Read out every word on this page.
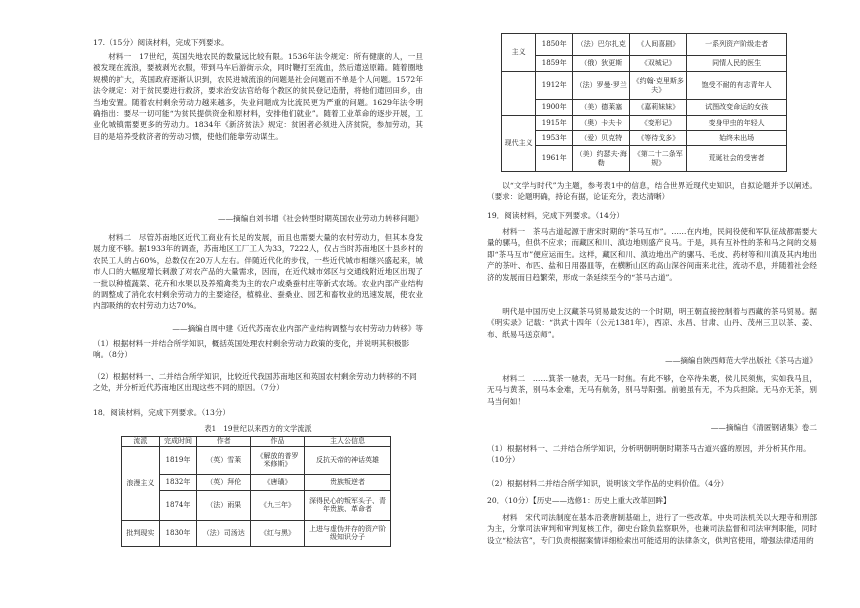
17.（15分）阅读材料，完成下列要求。

材料一　17世纪，英国失地农民的数量远比较有限。1536年法令规定：所有健康的人，一旦被发现在流浪，要被剥光衣服，带到马车后游街示众，同时鞭打至流血，然后遣送原籍。随着圈地规模的扩大，英国政府逐渐认识到，农民进城流浪的问题是社会问题而不单是个人问题。1572年法令规定：对于贫民要进行救济，要求治安法官给每个教区的贫民登记造册，将他们遣回田乡，由当地安置。随着农村剩余劳动力越来越多，失业问题成为比流民更为严重的问题。1629年法令明确指出：要尽一切可能“为贫民提供资金和原材料，安排他们就业”。随着工业革命的逐步开展，工业化城镇需要更多的劳动力。1834年《新济贫法》规定：贫困者必须进入济贫院，参加劳动，其目的是培养受救济者的劳动习惯，使他们能靠劳动谋生。

——摘编自刘书增《社会转型时期英国农业劳动力转移问题》

材料二　尽管苏南地区近代工商业有长足的发展，而且也需要大量的农村劳动力，但其本身发展力度不够。据1933年的调查，苏南地区工厂工人为33，7222人，仅占当时苏南地区十县乡村的农民工人的占60%，总数仅在20万人左右。伴随近代化的步伐，一些近代城市相继兴盛起来，城市人口的大幅度增长刺激了对农产品的大量需求，因而，在近代城市郊区与交通线附近地区出现了一批以种植蔬菜、花卉和水果以及养殖禽类为主的农户或桑蚕村庄等新式农场。农业内部产业结构的调整成了消化农村剩余劳动力的主要途径，植棉业、蚕桑业、园艺和畜牧业的迅速发展，使农业内部吸纳的农村劳动力达70%。

——摘编自周中建《近代苏南农业内部产业结构调整与农村劳动力转移》等

（1）根据材料一并结合所学知识，概括英国处理农村剩余劳动力政策的变化，并说明其积极影响。（8分）

（2）根据材料一、二并结合所学知识，比较近代我国苏南地区和英国农村剩余劳动力转移的不同之处，并分析近代苏南地区出现这些不同的原因。（7分）

18．阅读材料，完成下列要求。（13分）

表1　19世纪以来西方的文学流派

流派	完成时间	作者	作品	主人公信息
浪漫主义	1819年	（英）雪莱	《解放的普罗米修斯》	反抗天帝的神话英雄
	1832年	（英）拜伦	《唐璜》	贵族叛逆者
	1874年	（法）雨果	《九三年》	深得民心的叛军头子、青年贵族、革命者
批判现实	1830年	（法）司汤达	《红与黑》	上进与虚伪并存的资产阶级知识分子
主义	1850年	（法）巴尔扎克	《人间喜剧》	一系列资产阶级走者
	1859年	（俄）狄更斯	《双城记》	同情人民的医生
	1912年	（法）罗曼·罗兰	《约翰·克里斯多夫》	饱受不耐的有志青年人
	1900年	（美）德莱塞	《嘉莉妹妹》	试图改变命运的女孩
现代主义	1915年	（奥）卡夫卡	《变形记》	变身甲虫的年轻人
	1953年	（爱）贝克特	《等待戈多》	始终未出场
	1961年	（美）约瑟夫·海勒	《第二十二条军规》	荒诞社会的受害者

以“文学与时代”为主题，参考表1中的信息，结合世界近现代史知识，自拟论题并予以阐述。（要求：论题明确，持论有据，论证充分，表达清晰）

19．阅读材料，完成下列要求。（14分）

材料一　茶马古道起源于唐宋时期的“茶马互市”。……在内地，民间役使和军队征战都需要大量的骡马，但供不应求；而藏区和川、滇边地则盛产良马。于是，具有互补性的茶和马之间的交易即“茶马互市”便应运而生。这样，藏区和川、滇边地出产的骡马、毛皮、药材等和川滇及其内地出产的茶叶、布匹、盐和日用器皿等，在横断山区的高山深谷间南来北往，流动不息，并随着社会经济的发展而日趋繁荣，形成一条延续至今的“茶马古道”。

明代是中国历史上汉藏茶马贸易最发达的一个时期，明王朝直接控制着与西藏的茶马贸易。据《明实录》记载：“洪武十四年（公元1381年），西凉、永昌、甘肃、山丹、茂州三卫以茶、姜、布、纸易马送京师”。

——摘编自陕西师范大学出版社《茶马古道》

材料二　……箕茶一驰表，无马一时焦。有此不够，仓卒待朱裹，侯儿民须焦，实如我马且，无马与黄茶，别马本金难，无马有航务，别马导阳强。前驰虽有无，不为兵担除。无马亦无茶，别马当何如！

——摘编自《清匿钢诸集》卷二

（1）根据材料一、二并结合所学知识，分析明朝明朝时期茶马古道兴盛的原因，并分析其作用。（10分）

（2）根据材料二并结合所学知识，说明该文学作品的史料价值。（4分）

20．（10分）【历史——选修1：历史上重大改革回眸】

材料　宋代司法制度在基本沿袭唐制基础上，进行了一些改革。中央司法机关以大理寺和刑部为主，分掌司法审判和审判复核工作，御史台除负监察职外，也兼司法监督和司法审判职能，同时设立“检法官”，专门负责根据案情详细检索出可能适用的法律条文，供判官使用，增强法律适用的
